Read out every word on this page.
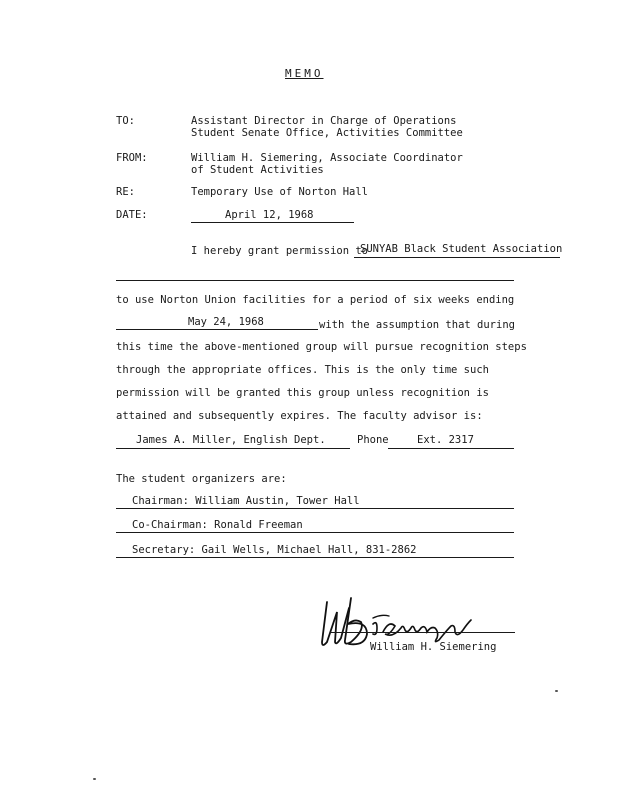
MEMO
TO:	Assistant Director in Charge of Operations
Student Senate Office, Activities Committee
FROM:	William H. Siemering, Associate Coordinator
of Student Activities
RE:	Temporary Use of Norton Hall
DATE:	April 12, 1968
I hereby grant permission to
SUNYAB Black Student Association
to use Norton Union facilities for a period of six weeks ending
May 24, 1968	with the assumption that during
this time the above-mentioned group will pursue recognition steps
through the appropriate offices. This is the only time such
permission will be granted this group unless recognition is
attained and subsequently expires. The faculty advisor is:
James A. Miller, English Dept.	Phone	Ext. 2317
The student organizers are:
Chairman: William Austin, Tower Hall
Co-Chairman: Ronald Freeman
Secretary: Gail Wells, Michael Hall, 831-2862
William H. Siemering
